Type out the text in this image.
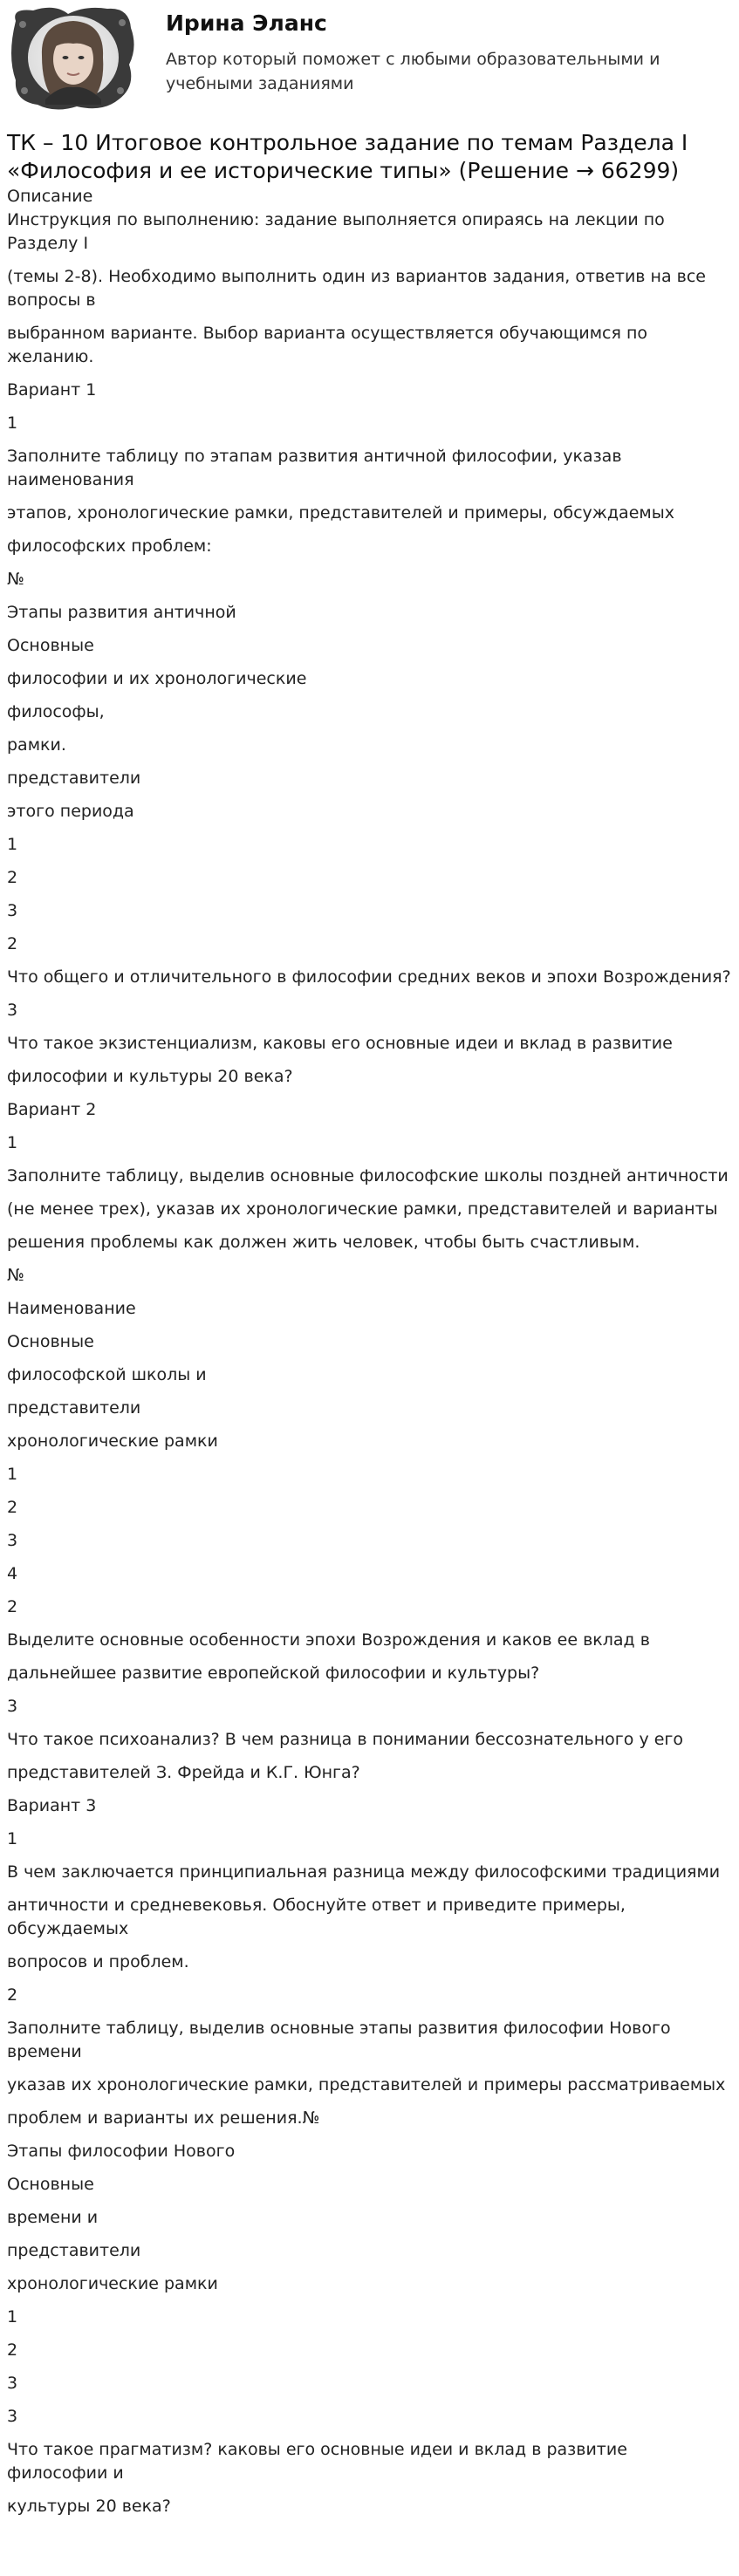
Ирина Эланс
Автор который поможет с любыми образовательными и учебными заданиями
ТК – 10 Итоговое контрольное задание по темам Раздела I «Философия и ее исторические типы» (Решение → 66299)
Описание
Инструкция по выполнению: задание выполняется опираясь на лекции по Разделу I
(темы 2-8). Необходимо выполнить один из вариантов задания, ответив на все вопросы в
выбранном варианте. Выбор варианта осуществляется обучающимся по желанию.
Вариант 1
1
Заполните таблицу по этапам развития античной философии, указав наименования
этапов, хронологические рамки, представителей и примеры, обсуждаемых
философских проблем:
№
Этапы развития античной
Основные
философии и их хронологические
философы,
рамки.
представители
этого периода
1
2
3
2
Что общего и отличительного в философии средних веков и эпохи Возрождения?
3
Что такое экзистенциализм, каковы его основные идеи и вклад в развитие
философии и культуры 20 века?
Вариант 2
1
Заполните таблицу, выделив основные философские школы поздней античности
(не менее трех), указав их хронологические рамки, представителей и варианты
решения проблемы как должен жить человек, чтобы быть счастливым.
№
Наименование
Основные
философской школы и
представители
хронологические рамки
1
2
3
4
2
Выделите основные особенности эпохи Возрождения и каков ее вклад в
дальнейшее развитие европейской философии и культуры?
3
Что такое психоанализ? В чем разница в понимании бессознательного у его
представителей З. Фрейда и К.Г. Юнга?
Вариант 3
1
В чем заключается принципиальная разница между философскими традициями
античности и средневековья. Обоснуйте ответ и приведите примеры, обсуждаемых
вопросов и проблем.
2
Заполните таблицу, выделив основные этапы развития философии Нового времени
указав их хронологические рамки, представителей и примеры рассматриваемых
проблем и варианты их решения.№
Этапы философии Нового
Основные
времени и
представители
хронологические рамки
1
2
3
3
Что такое прагматизм? каковы его основные идеи и вклад в развитие философии и
культуры 20 века?
